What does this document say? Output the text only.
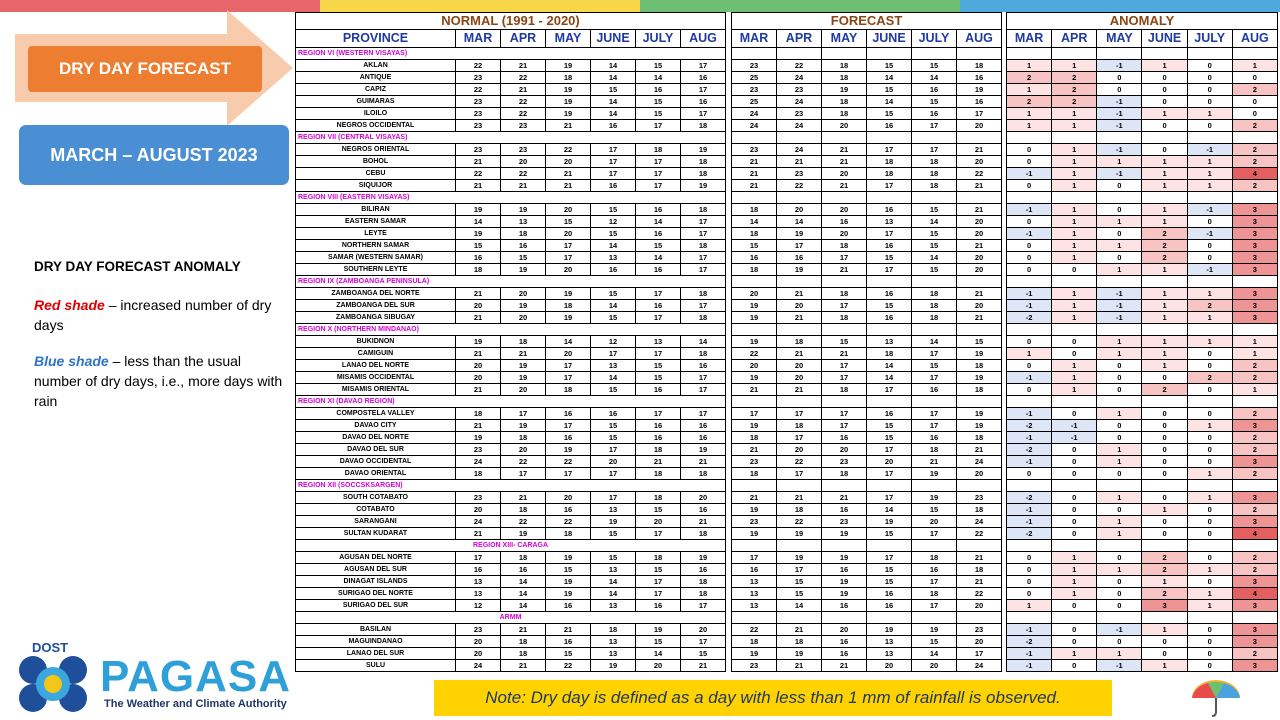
DRY DAY FORECAST
MARCH – AUGUST 2023
DRY DAY FORECAST ANOMALY

Red shade – increased number of dry days

Blue shade – less than the usual number of dry days, i.e., more days with rain

NORMAL (1991 - 2020)						
PROVINCE	MAR	APR	MAY	JUNE	JULY	AUG
REGION VI (WESTERN VISAYAS)						
AKLAN	22	21	19	14	15	17
ANTIQUE	23	22	18	14	14	16
CAPIZ	22	21	19	15	16	17
GUIMARAS	23	22	19	14	15	16
ILOILO	23	22	19	14	15	17
NEGROS OCCIDENTAL	23	23	21	16	17	18
REGION VII (CENTRAL VISAYAS)						
NEGROS ORIENTAL	23	23	22	17	18	19
BOHOL	21	20	20	17	17	18
CEBU	22	22	21	17	17	18
SIQUIJOR	21	21	21	16	17	19
REGION VIII (EASTERN VISAYAS)						
BILIRAN	19	19	20	15	16	18
EASTERN SAMAR	14	13	15	12	14	17
LEYTE	19	18	20	15	16	17
NORTHERN SAMAR	15	16	17	14	15	18
SAMAR (WESTERN SAMAR)	16	15	17	13	14	17
SOUTHERN LEYTE	18	19	20	16	16	17
REGION IX (ZAMBOANGA PENINSULA)						
ZAMBOANGA DEL NORTE	21	20	19	15	17	18
ZAMBOANGA DEL SUR	20	19	18	14	16	17
ZAMBOANGA SIBUGAY	21	20	19	15	17	18
REGION X (NORTHERN MINDANAO)						
BUKIDNON	19	18	14	12	13	14
CAMIGUIN	21	21	20	17	17	18
LANAO DEL NORTE	20	19	17	13	15	16
MISAMIS OCCIDENTAL	20	19	17	14	15	17
MISAMIS ORIENTAL	21	20	18	15	16	17
REGION XI (DAVAO REGION)						
COMPOSTELA VALLEY	18	17	16	16	17	17
DAVAO CITY	21	19	17	15	16	16
DAVAO DEL NORTE	19	18	16	15	16	16
DAVAO DEL SUR	23	20	19	17	18	19
DAVAO OCCIDENTAL	24	22	22	20	21	21
DAVAO ORIENTAL	18	17	17	17	18	18
REGION XII (SOCCSKSARGEN)						
SOUTH COTABATO	23	21	20	17	18	20
COTABATO	20	18	16	13	15	16
SARANGANI	24	22	22	19	20	21
SULTAN KUDARAT	21	19	18	15	17	18
REGION XIII- CARAGA						
AGUSAN DEL NORTE	17	18	19	15	18	19
AGUSAN DEL SUR	16	16	15	13	15	16
DINAGAT ISLANDS	13	14	19	14	17	18
SURIGAO DEL NORTE	13	14	19	14	17	18
SURIGAO DEL SUR	12	14	16	13	16	17
ARMM						
BASILAN	23	21	21	18	19	20
MAGUINDANAO	20	18	16	13	15	17
LANAO DEL SUR	20	18	15	13	14	15
SULU	24	21	22	19	20	21
FORECAST					
MAR	APR	MAY	JUNE	JULY	AUG

23	22	18	15	15	18
25	24	18	14	14	16
23	23	19	15	16	19
25	24	18	14	15	16
24	23	18	15	16	17
24	24	20	16	17	20

23	24	21	17	17	21
21	21	21	18	18	20
21	23	20	18	18	22
21	22	21	17	18	21

18	20	20	16	15	21
14	14	16	13	14	20
18	19	20	17	15	20
15	17	18	16	15	21
16	16	17	15	14	20
18	19	21	17	15	20

20	21	18	16	18	21
19	20	17	15	18	20
19	21	18	16	18	21

19	18	15	13	14	15
22	21	21	18	17	19
20	20	17	14	15	18
19	20	17	14	17	19
21	21	18	17	16	18

17	17	17	16	17	19
19	18	17	15	17	19
18	17	16	15	16	18
21	20	20	17	18	21
23	22	23	20	21	24
18	17	18	17	19	20

21	21	21	17	19	23
19	18	16	14	15	18
23	22	23	19	20	24
19	19	19	15	17	22

17	19	19	17	18	21
16	17	16	15	16	18
13	15	19	15	17	21
13	15	19	16	18	22
13	14	16	16	17	20

22	21	20	19	19	23
18	18	16	13	15	20
19	19	16	13	14	17
23	21	21	20	20	24
ANOMALY					
MAR	APR	MAY	JUNE	JULY	AUG

1	1	-1	1	0	1
2	2	0	0	0	0
1	2	0	0	0	2
2	2	-1	0	0	0
1	1	-1	1	1	0
1	1	-1	0	0	2

0	1	-1	0	-1	2
0	1	1	1	1	2
-1	1	-1	1	1	4
0	1	0	1	1	2

-1	1	0	1	-1	3
0	1	1	1	0	3
-1	1	0	2	-1	3
0	1	1	2	0	3
0	1	0	2	0	3
0	0	1	1	-1	3

-1	1	-1	1	1	3
-1	1	-1	1	2	3
-2	1	-1	1	1	3

0	0	1	1	1	1
1	0	1	1	0	1
0	1	0	1	0	2
-1	1	0	0	2	2
0	1	0	2	0	1

-1	0	1	0	0	2
-2	-1	0	0	1	3
-1	-1	0	0	0	2
-2	0	1	0	0	2
-1	0	1	0	0	3
0	0	0	0	1	2

-2	0	1	0	1	3
-1	0	0	1	0	2
-1	0	1	0	0	3
-2	0	1	0	0	4

0	1	0	2	0	2
0	1	1	2	1	2
0	1	0	1	0	3
0	1	0	2	1	4
1	0	0	3	1	3

-1	0	-1	1	0	3
-2	0	0	0	0	3
-1	1	1	0	0	2
-1	0	-1	1	0	3
DOST
PAGASA
The Weather and Climate Authority	Note: Dry day is defined as a day with less than 1 mm of rainfall is observed.
